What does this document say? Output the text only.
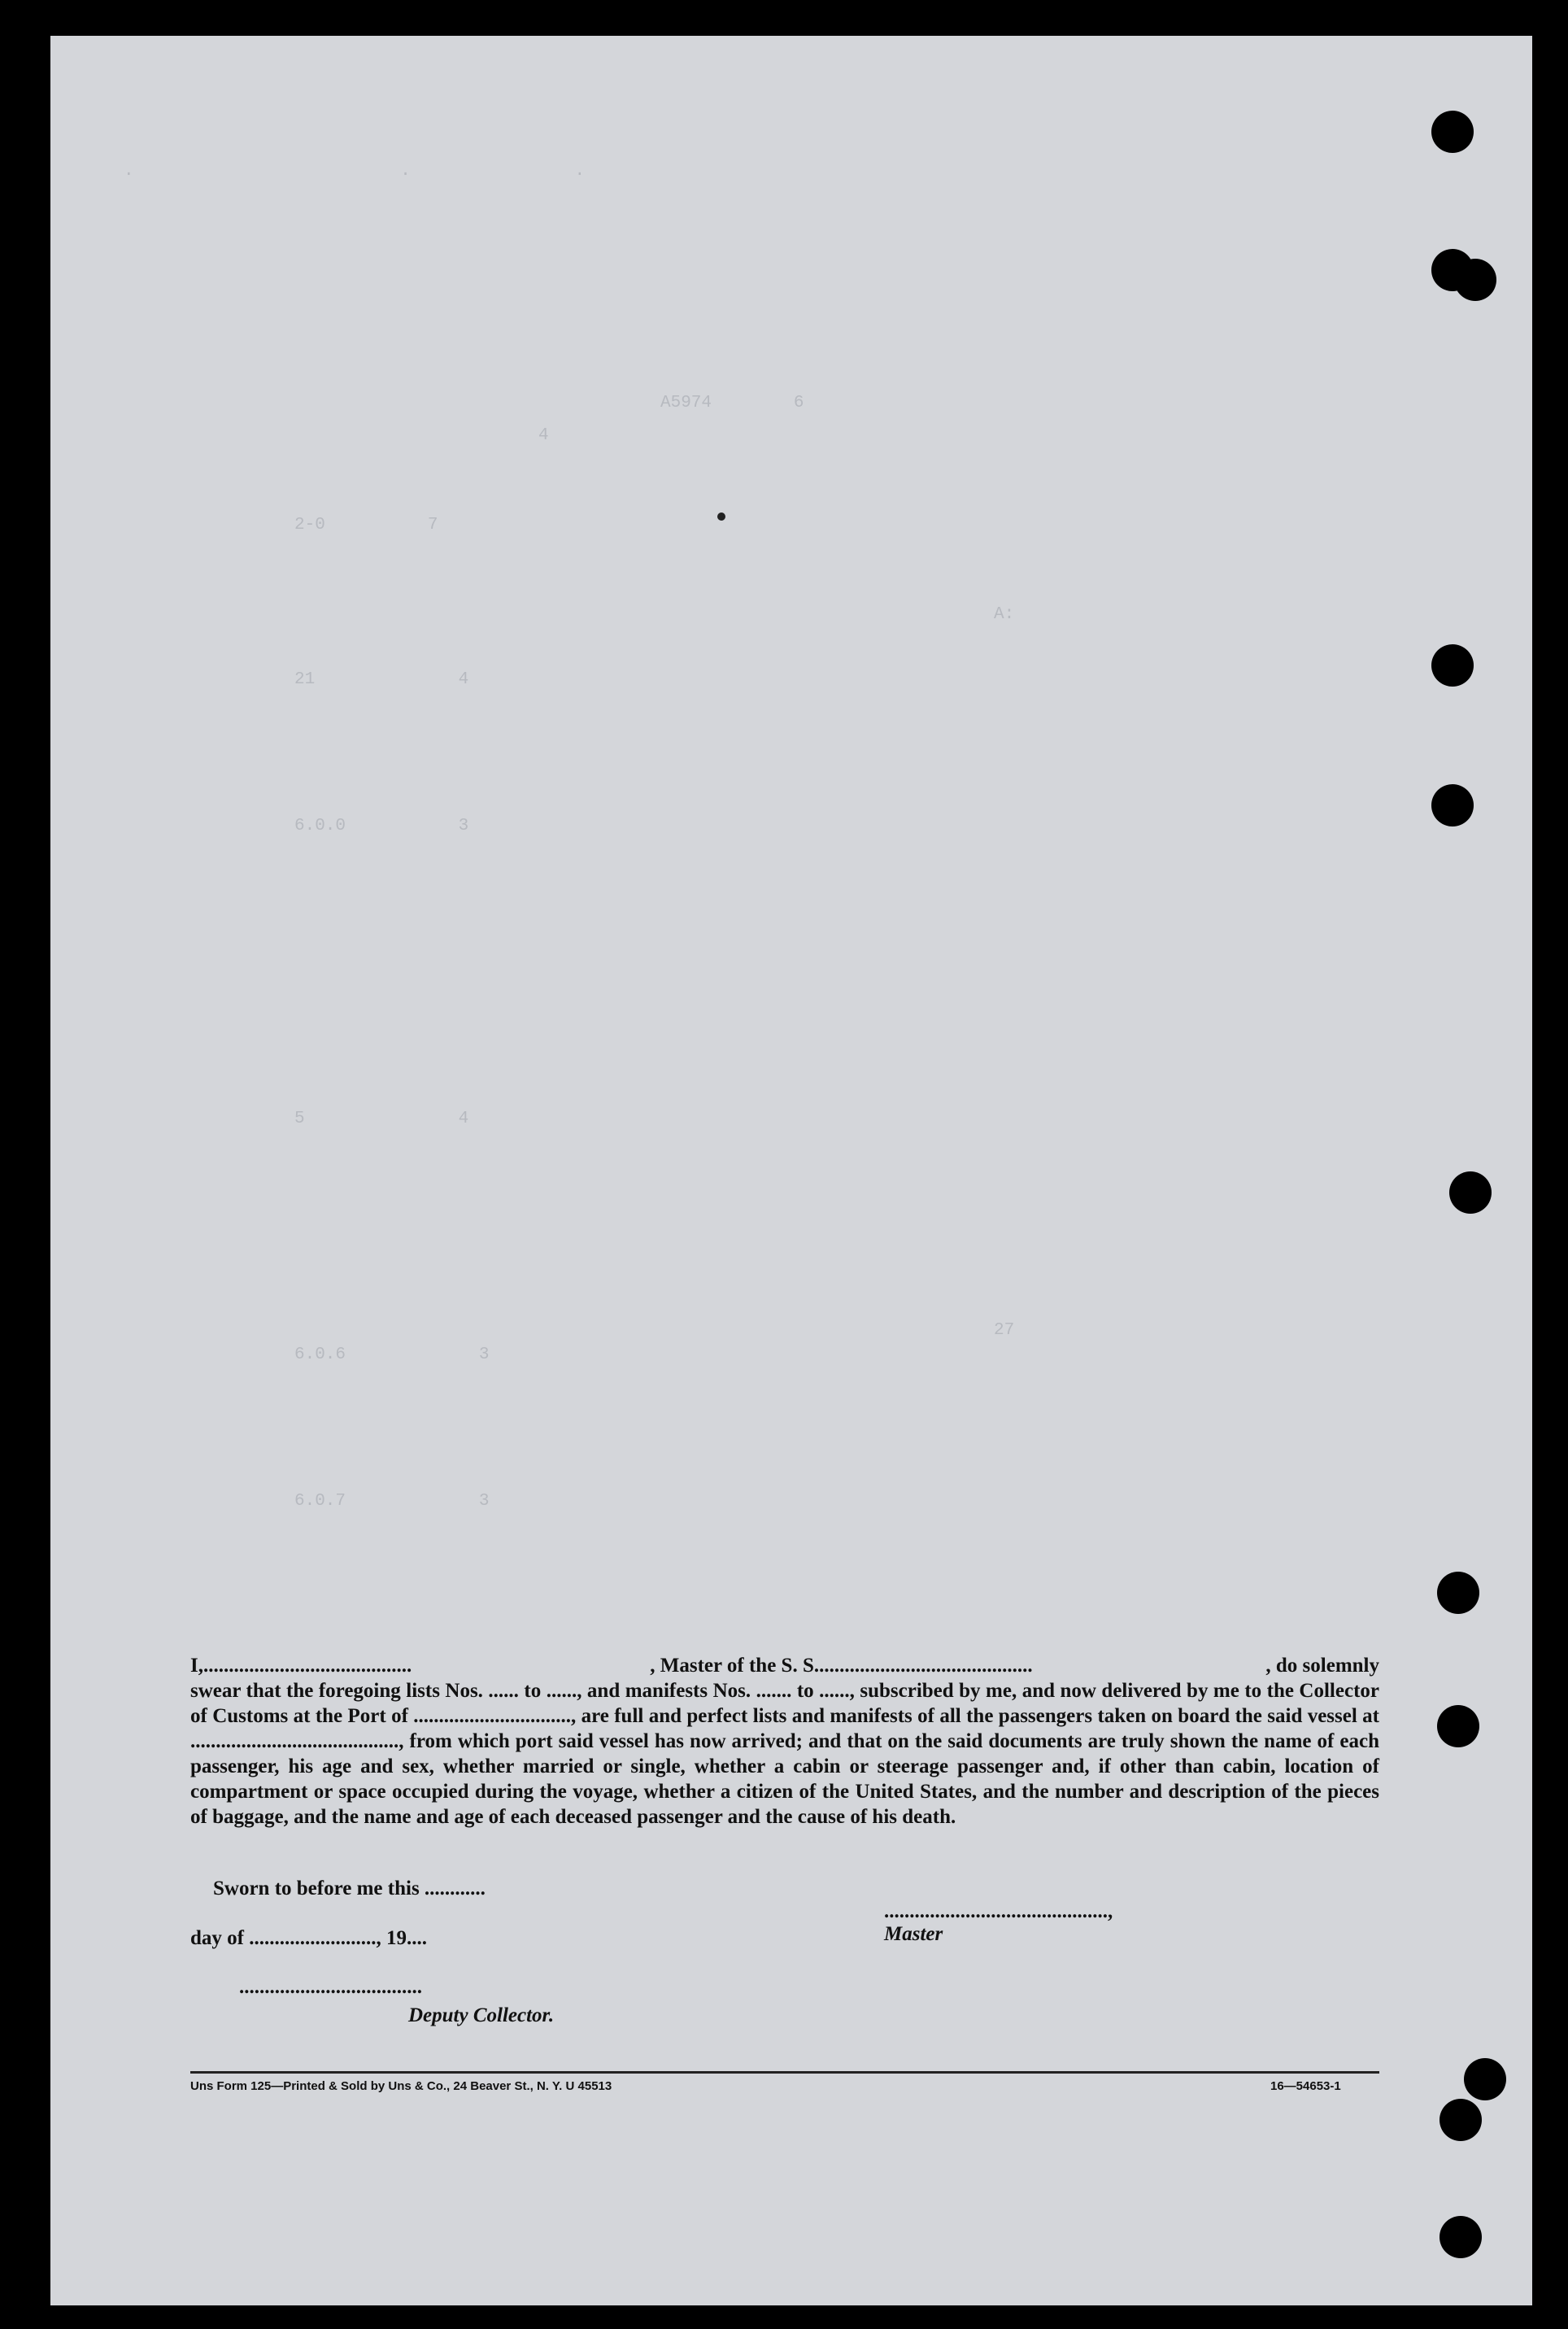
.                          .                .
A5974        6
4
2-0          7
21              4
6.0.0           3
5               4
6.0.6             3
6.0.7             3
A:
27
I, .........................................	, Master of the S. S. ..........................................	, do solemnly
swear that the foregoing lists Nos. ...... to ......, and manifests Nos. ....... to ......, subscribed by me, and now delivered by me to the Collector of Customs at the Port of ..............................., are full and perfect lists and manifests of all the passengers taken on board the said vessel at ........................................., from which port said vessel has now arrived; and that on the said documents are truly shown the name of each passenger, his age and sex, whether married or single, whether a cabin or steerage passenger and, if other than cabin, location of compartment or space occupied during the voyage, whether a citizen of the United States, and the number and description of the pieces of baggage, and the name and age of each deceased passenger and the cause of his death.
Sworn to before me this ............

............................................,
Master

day of ........................., 19....
....................................
Deputy Collector.
Uns Form 125—Printed & Sold by Uns & Co., 24 Beaver St., N. Y. U 45513	16—54653-1
